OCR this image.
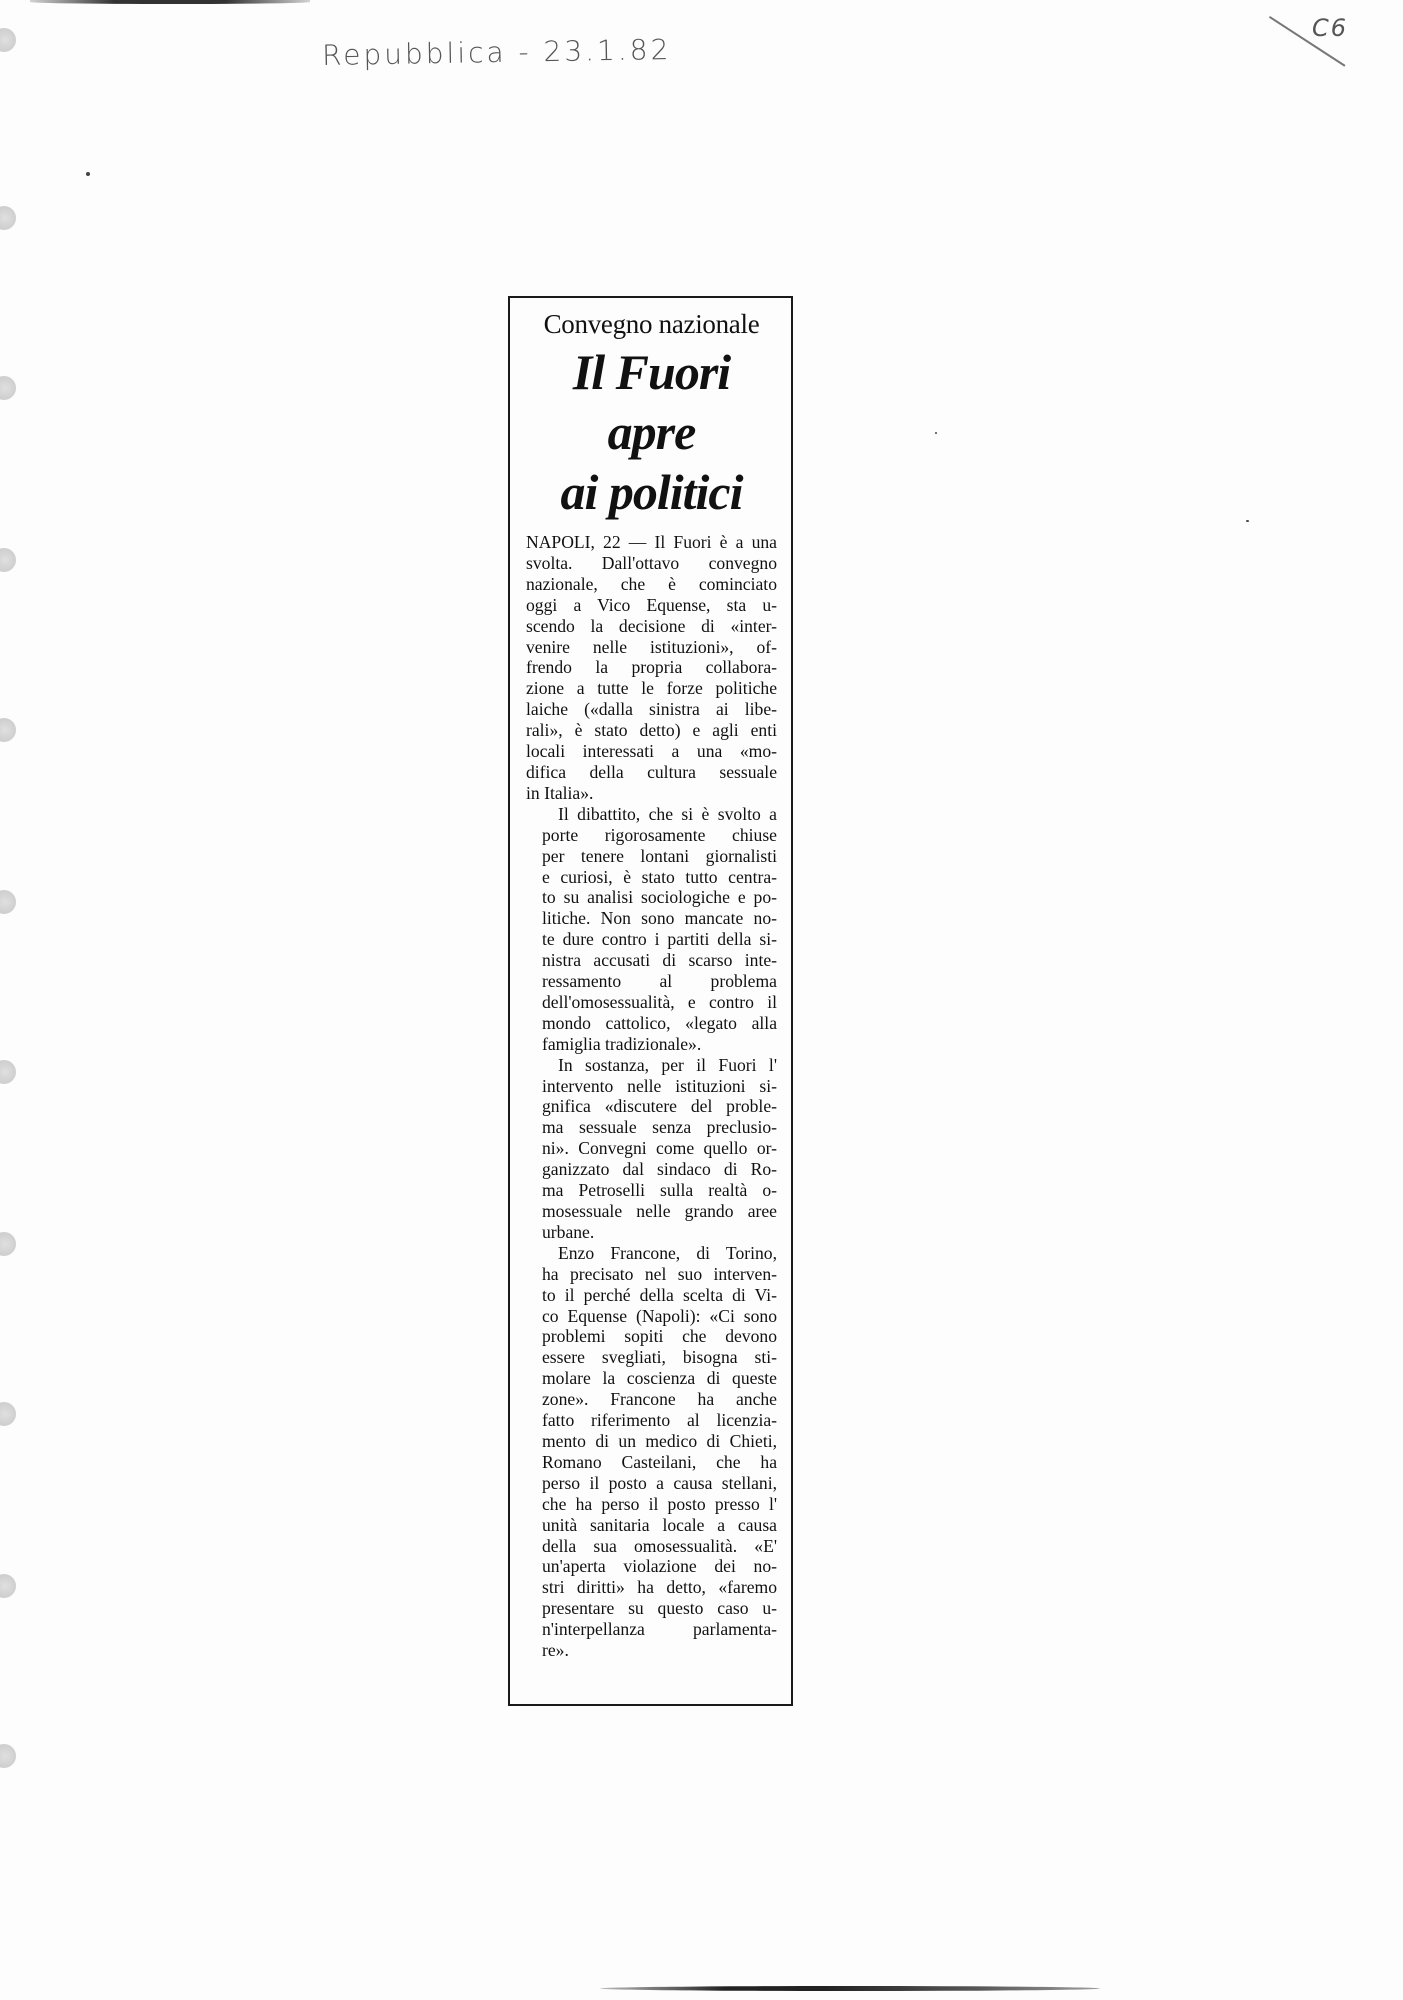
Repubblica - 23.1.82
C6
Convegno nazionale
Il Fuori
apre
ai politici

NAPOLI, 22 — Il Fuori è a una
svolta. Dall'ottavo convegno
nazionale, che è cominciato
oggi a Vico Equense, sta u-
scendo la decisione di «inter-
venire nelle istituzioni», of-
frendo la propria collabora-
zione a tutte le forze politiche
laiche («dalla sinistra ai libe-
rali», è stato detto) e agli enti
locali interessati a una «mo-
difica della cultura sessuale
in Italia».

Il dibattito, che si è svolto a
porte rigorosamente chiuse
per tenere lontani giornalisti
e curiosi, è stato tutto centra-
to su analisi sociologiche e po-
litiche. Non sono mancate no-
te dure contro i partiti della si-
nistra accusati di scarso inte-
ressamento al problema
dell'omosessualità, e contro il
mondo cattolico, «legato alla
famiglia tradizionale».

In sostanza, per il Fuori l'
intervento nelle istituzioni si-
gnifica «discutere del proble-
ma sessuale senza preclusio-
ni». Convegni come quello or-
ganizzato dal sindaco di Ro-
ma Petroselli sulla realtà o-
mosessuale nelle grando aree
urbane.

Enzo Francone, di Torino,
ha precisato nel suo interven-
to il perché della scelta di Vi-
co Equense (Napoli): «Ci sono
problemi sopiti che devono
essere svegliati, bisogna sti-
molare la coscienza di queste
zone». Francone ha anche
fatto riferimento al licenzia-
mento di un medico di Chieti,
Romano Casteilani, che ha
perso il posto a causa stellani,
che ha perso il posto presso l'
unità sanitaria locale a causa
della sua omosessualità. «E'
un'aperta violazione dei no-
stri diritti» ha detto, «faremo
presentare su questo caso u-
n'interpellanza parlamenta-
re».
